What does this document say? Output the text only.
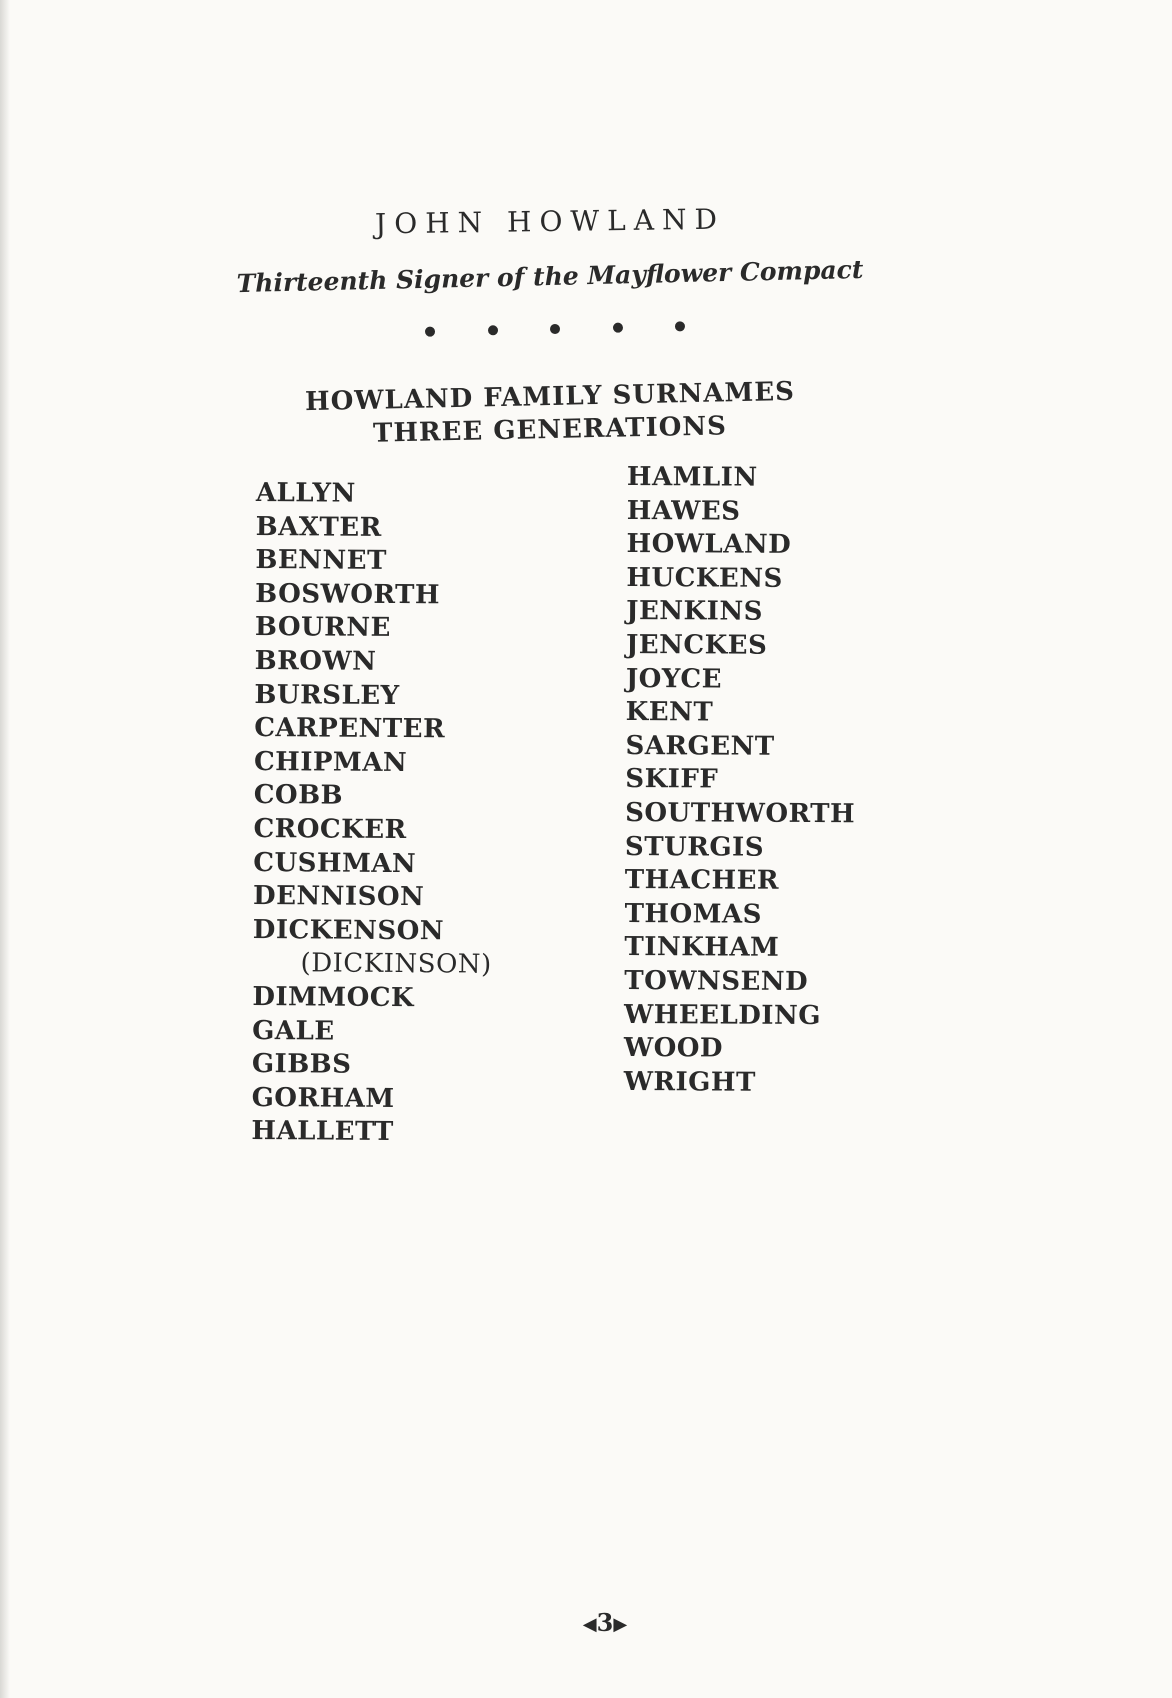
JOHN HOWLAND
Thirteenth Signer of the Mayflower Compact
HOWLAND FAMILY SURNAMES
THREE GENERATIONS
ALLYN
BAXTER
BENNET
BOSWORTH
BOURNE
BROWN
BURSLEY
CARPENTER
CHIPMAN
COBB
CROCKER
CUSHMAN
DENNISON
DICKENSON
(DICKINSON)
DIMMOCK
GALE
GIBBS
GORHAM
HALLETT
HAMLIN
HAWES
HOWLAND
HUCKENS
JENKINS
JENCKES
JOYCE
KENT
SARGENT
SKIFF
SOUTHWORTH
STURGIS
THACHER
THOMAS
TINKHAM
TOWNSEND
WHEELDING
WOOD
WRIGHT
◀3▶
